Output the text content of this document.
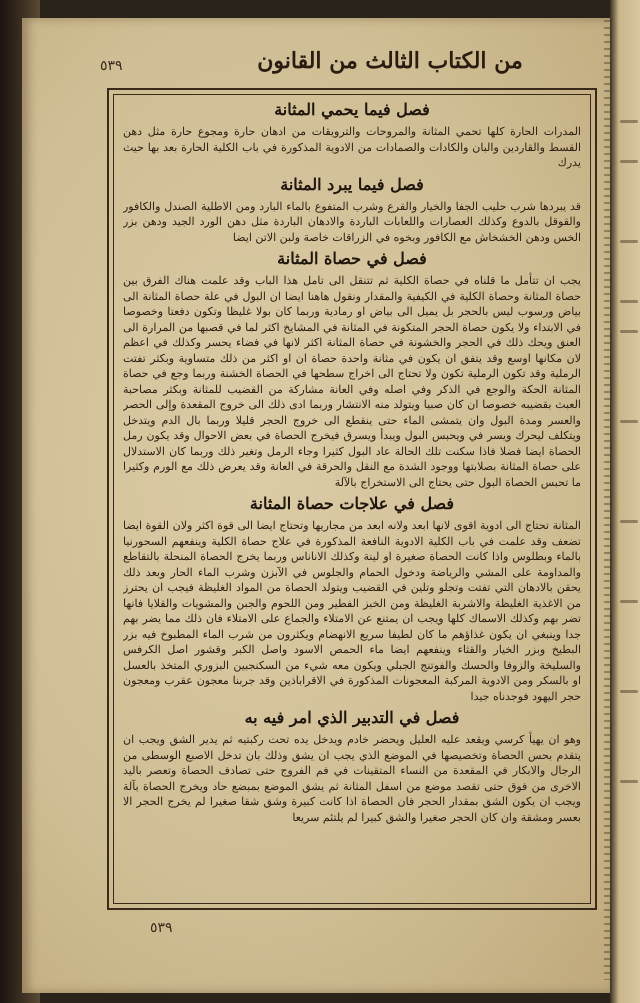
٥٣٩	من الكتاب الثالث من القانون
فصل فيما يحمي المثانة

المدرات الحارة كلها تحمي المثانة والمروحات والترويقات من ادهان حارة ومجوع حارة مثل دهن القسط والقاردين والبان والكادات والصمادات من الادوية المذكورة في باب الكلية الحارة بعد بها حيث يدرك

فصل فيما يبرد المثانة

قد يبردها شرب حليب الجفا والخيار والقرع وشرب المتفوع بالماء البارد ومن الاطلية الصندل والكافور والقوقل بالدوع وكذلك العصارات واللعابات الباردة والادهان الباردة مثل دهن الورد الجيد ودهن بزر الخس ودهن الخشخاش مع الكافور وبخوه في الزراقات خاصة ولبن الاتن ايضا

فصل في حصاة المثانة

يجب ان تتأمل ما قلناه في حصاة الكلية ثم تتنقل الى تامل هذا الباب وقد علمت هناك الفرق بين حصاة المثانة وحصاة الكلية في الكيفية والمقدار ونقول هاهنا ايضا ان البول في علة حصاة المثانة الى بياض ورسوب ليس بالحجر بل يميل الى بياض او رمادية وربما كان بولا غليظا وتكون دفعتا وخصوصا في الابتداء ولا يكون حصاة الحجر المتكونة في المثانة في المشايخ اكثر لما في قصبها من المرارة الى العنق ويحك ذلك في الحجر والخشونة في حصاة المثانة اكثر لانها في فضاء يحسر وكذلك في اعظم لان مكانها اوسع وقد يتفق ان يكون في مثانة واحدة حصاة ان او اكثر من ذلك متساوية وبكثر تفتت الرملية وقد تكون الرملية تكون ولا تحتاج الى اخراج سطحها في الحصاة الخشنة وربما وجع في حصاة المثانة الحكة والوجع في الذكر وفي اصله وفي العانة مشاركة من القضيب للمثانة وبكثر مصاحبة العبث بقضيبه خصوصا ان كان صبيا ويتولد منه الانتشار وربما ادى ذلك الى خروج المقعدة وإلى الحصر والعسر ومدة البول وان يتمشى الماء حتى ينقطع الى خروج الحجر قليلا وربما بال الدم ويتدخل ويتكلف ليحرك ويسر في ويحبس البول ويبدأ ويسرق فيخرج الحصاة في بعض الاحوال وقد يكون رمل الحصاة ايضا فضلا فاذا سكنت تلك الحالة عاد البول كثيرا وجاء الرمل وتغير ذلك وربما كان الاستدلال على حصاة المثانة بصلابتها ووجود الشدة مع النقل والحرقة في العانة وقد يعرض ذلك مع الورم وكثيرا ما تحبس الحصاة البول حتى يحتاج الى الاستخراج بالآلة

فصل في علاجات حصاة المثانة

المثانة تحتاج الى ادوية اقوى لانها ابعد ولانه ابعد من مجاريها وتحتاج ايضا الى قوة اكثر ولان القوة ايضا تضعف وقد علمت في باب الكلية الادوية النافعة المذكورة في علاج حصاة الكلية وينفعهم السحورنيا بالماء وبطلوس واذا كانت الحصاة صغيرة او لينة وكذلك الاناناس وربما يخرج الحصاة المنحلة بالتقاطع والمداومة على المشي والرياضة ودخول الحمام والجلوس في الآبزن وشرب الماء الحار وبعد ذلك يحقن بالادهان التي تفتت وتجلو وتلين في القضيب ويتولد الحصاة من المواد الغليظة فيجب ان يحترز من الاغذية الغليظة والاشربة الغليظة ومن الخبز الفطير ومن اللحوم والجبن والمشويات والقلايا فانها تضر بهم وكذلك الاسماك كلها ويجب ان يمتنع عن الامتلاء والجماع على الامتلاء فان ذلك مما يضر بهم جدا وينبغي ان يكون غذاؤهم ما كان لطيفا سريع الانهضام ويكثرون من شرب الماء المطبوخ فيه بزر البطيخ وبزر الخيار والقثاء وينفعهم ايضا ماء الحمص الاسود واصل الكبر وقشور اصل الكرفس والسليخة والزوفا والحسك والفوتنج الجبلي ويكون معه شيء من السكنجبين البزوري المتخذ بالعسل او بالسكر ومن الادوية المركبة المعجونات المذكورة في الاقراباذين وقد جربنا معجون عقرب ومعجون حجر اليهود فوجدناه جيدا

فصل في التدبير الذي امر فيه به

وهو ان يهيأ كرسي ويقعد عليه العليل ويحضر خادم ويدخل يده تحت ركبتيه ثم يدير الشق ويجب ان يتقدم بحس الحصاة وتخصيصها في الموضع الذي يجب ان يشق وذلك بان تدخل الاصبع الوسطى من الرجال والابكار في المقعدة من النساء المتقينات في فم الفروج حتى تصادف الحصاة وتعصر باليد الاخرى من فوق حتى تقصد موضع من اسفل المثانة ثم يشق الموضع بمبضع حاد ويخرج الحصاة بآلة ويجب ان يكون الشق بمقدار الحجر فان الحصاة اذا كانت كبيرة وشق شقا صغيرا لم يخرج الحجر الا بعسر ومشقة وان كان الحجر صغيرا والشق كبيرا لم يلتئم سريعا

٥٣٩
